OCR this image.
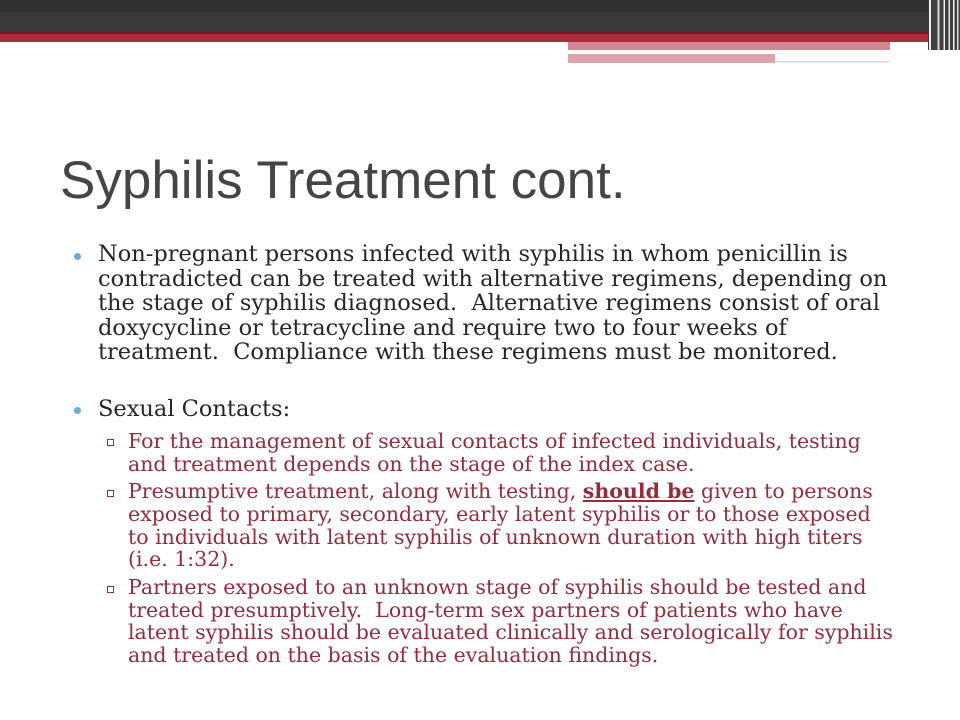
Syphilis Treatment cont.
Non-pregnant persons infected with syphilis in whom penicillin is
contradicted can be treated with alternative regimens, depending on
the stage of syphilis diagnosed.  Alternative regimens consist of oral
doxycycline or tetracycline and require two to four weeks of
treatment.  Compliance with these regimens must be monitored.
Sexual Contacts:
For the management of sexual contacts of infected individuals, testing
and treatment depends on the stage of the index case.
Presumptive treatment, along with testing, should be given to persons
exposed to primary, secondary, early latent syphilis or to those exposed
to individuals with latent syphilis of unknown duration with high titers
(i.e. 1:32).
Partners exposed to an unknown stage of syphilis should be tested and
treated presumptively.  Long-term sex partners of patients who have
latent syphilis should be evaluated clinically and serologically for syphilis
and treated on the basis of the evaluation findings.
